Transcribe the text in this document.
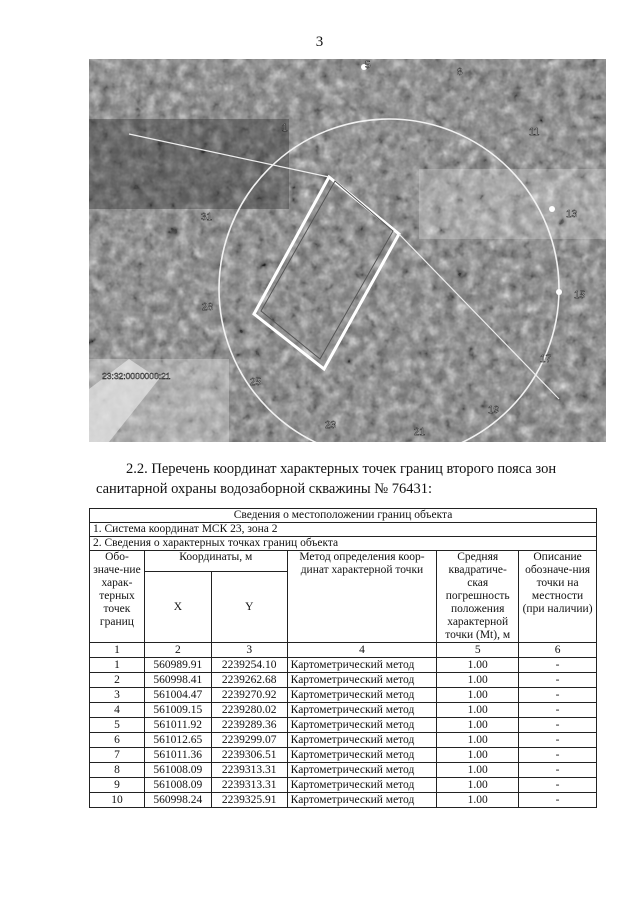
3
5
8
1	11
31	13
15
28
17
25
19
23
21
23:32:0000000:21
2.2. Перечень координат характерных точек границ второго пояса зон санитарной охраны водозаборной скважины № 76431:
Сведения о местоположении границ объекта					
1. Система координат МСК 23, зона 2					
2. Сведения о характерных точках границ объекта					
Обо-значе-ние харак-терных точек границ	Координаты, м		Метод определения коор-динат характерной точки	Средняя квадратиче-ская погрешность положения характерной точки (Mt), м	Описание обозначе-ния точки на местности (при наличии)
	X	Y			
1	2	3	4	5	6
1	560989.91	2239254.10	Картометрический метод	1.00	-
2	560998.41	2239262.68	Картометрический метод	1.00	-
3	561004.47	2239270.92	Картометрический метод	1.00	-
4	561009.15	2239280.02	Картометрический метод	1.00	-
5	561011.92	2239289.36	Картометрический метод	1.00	-
6	561012.65	2239299.07	Картометрический метод	1.00	-
7	561011.36	2239306.51	Картометрический метод	1.00	-
8	561008.09	2239313.31	Картометрический метод	1.00	-
9	561008.09	2239313.31	Картометрический метод	1.00	-
10	560998.24	2239325.91	Картометрический метод	1.00	-
